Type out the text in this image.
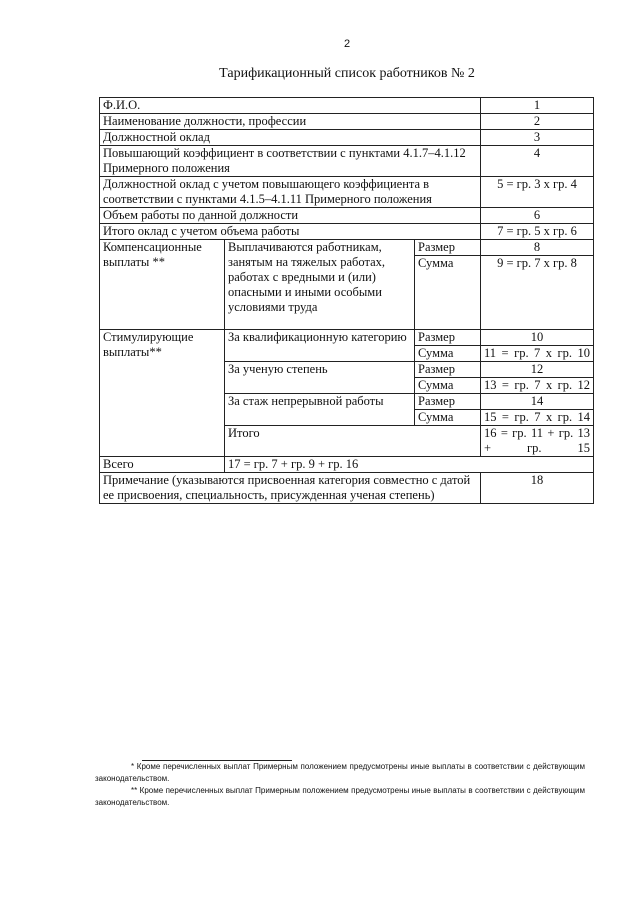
2
Тарификационный список работников № 2
Ф.И.О.			1
Наименование должности, профессии			2
Должностной оклад			3
Повышающий коэффициент в соответствии с пунктами 4.1.7–4.1.12 Примерного положения			4
Должностной оклад с учетом повышающего коэффициента в соответствии с пунктами 4.1.5–4.1.11 Примерного положения			5 = гр. 3 х гр. 4
Объем работы по данной должности			6
Итого оклад с учетом объема работы			7 = гр. 5 х гр. 6
Компенсационные выплаты **	Выплачиваются работникам, занятым на тяжелых работах, работах с вредными и (или) опасными и иными особыми условиями труда	Размер	8
		Сумма	9 = гр. 7 х гр. 8
Стимулирующие выплаты**	За квалификационную категорию	Размер	10
		Сумма	11 = гр. 7 х гр. 10
	За ученую степень	Размер	12
		Сумма	13 = гр. 7 х гр. 12
	За стаж непрерывной работы	Размер	14
		Сумма	15 = гр. 7 х гр. 14
	Итого		16 = гр. 11 + гр. 13 + гр. 15
Всего	17 = гр. 7 + гр. 9 + гр. 16		
Примечание (указываются присвоенная категория совместно с датой ее присвоения, специальность, присужденная ученая степень)			18

* Кроме перечисленных выплат Примерным положением предусмотрены иные выплаты в соответствии с действующим законодательством.

** Кроме перечисленных выплат Примерным положением предусмотрены иные выплаты в соответствии с действующим законодательством.
